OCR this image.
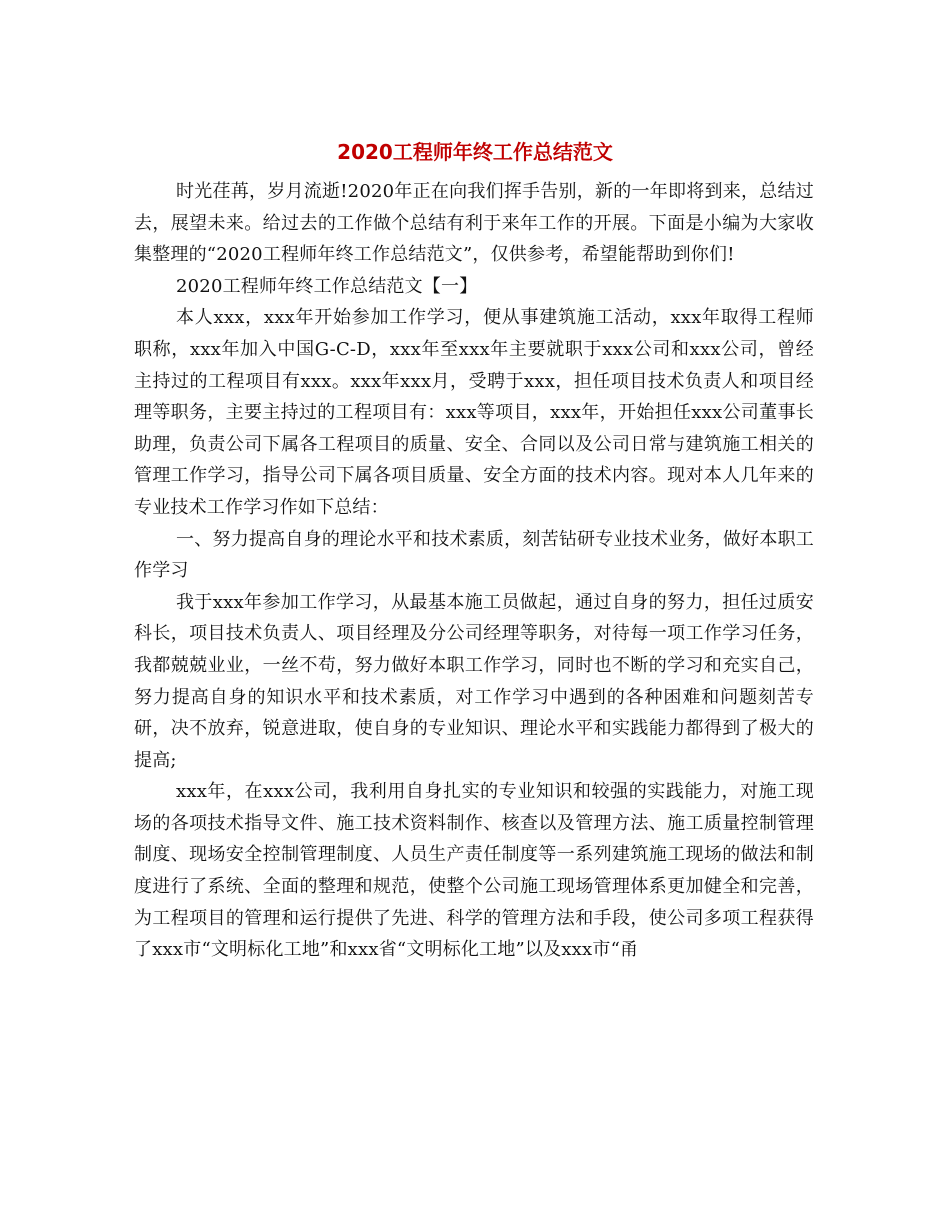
2020工程师年终工作总结范文

时光荏苒，岁月流逝!2020年正在向我们挥手告别，新的一年即将到来，总结过去，展望未来。给过去的工作做个总结有利于来年工作的开展。下面是小编为大家收集整理的“2020工程师年终工作总结范文”，仅供参考，希望能帮助到你们!

2020工程师年终工作总结范文【一】

本人xxx，xxx年开始参加工作学习，便从事建筑施工活动，xxx年取得工程师职称，xxx年加入中国G-C-D，xxx年至xxx年主要就职于xxx公司和xxx公司，曾经主持过的工程项目有xxx。xxx年xxx月，受聘于xxx，担任项目技术负责人和项目经理等职务，主要主持过的工程项目有：xxx等项目，xxx年，开始担任xxx公司董事长助理，负责公司下属各工程项目的质量、安全、合同以及公司日常与建筑施工相关的管理工作学习，指导公司下属各项目质量、安全方面的技术内容。现对本人几年来的专业技术工作学习作如下总结：

一、努力提高自身的理论水平和技术素质，刻苦钻研专业技术业务，做好本职工作学习

我于xxx年参加工作学习，从最基本施工员做起，通过自身的努力，担任过质安科长，项目技术负责人、项目经理及分公司经理等职务，对待每一项工作学习任务，我都兢兢业业，一丝不苟，努力做好本职工作学习，同时也不断的学习和充实自己，努力提高自身的知识水平和技术素质，对工作学习中遇到的各种困难和问题刻苦专研，决不放弃，锐意进取，使自身的专业知识、理论水平和实践能力都得到了极大的提高;

xxx年，在xxx公司，我利用自身扎实的专业知识和较强的实践能力，对施工现场的各项技术指导文件、施工技术资料制作、核查以及管理方法、施工质量控制管理制度、现场安全控制管理制度、人员生产责任制度等一系列建筑施工现场的做法和制度进行了系统、全面的整理和规范，使整个公司施工现场管理体系更加健全和完善，为工程项目的管理和运行提供了先进、科学的管理方法和手段，使公司多项工程获得了xxx市“文明标化工地”和xxx省“文明标化工地”以及xxx市“甬
